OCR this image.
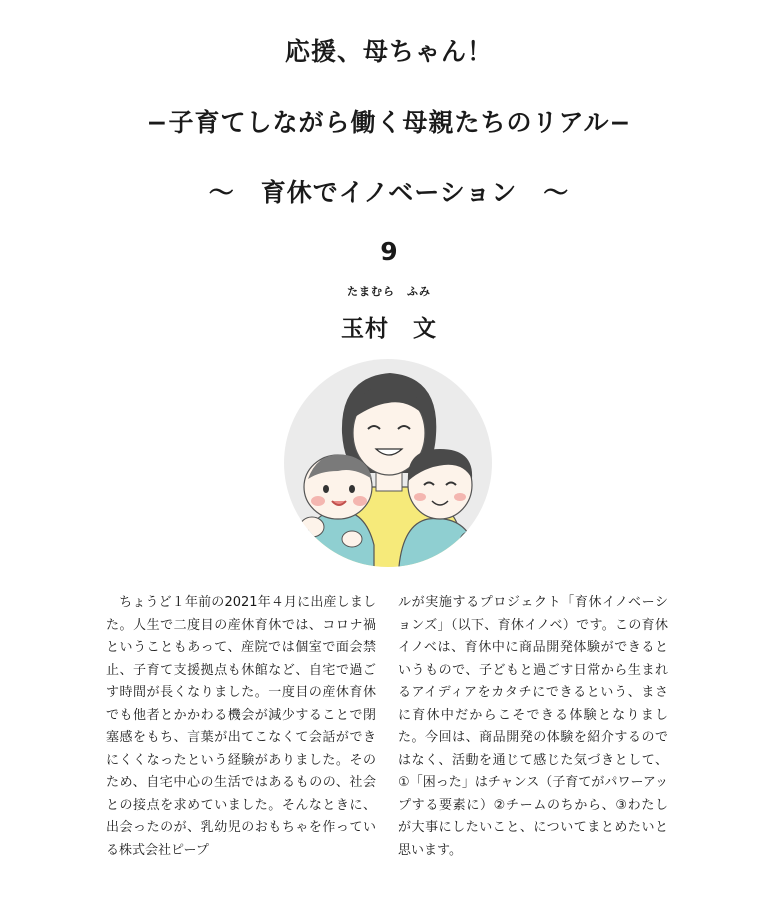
応援、母ちゃん！
−子育てしながら働く母親たちのリアル−
〜　育休でイノベーション　〜
9
たまむら　ふみ
玉村　文

　ちょうど１年前の2021年４月に出産しました。人生で二度目の産休育休では、コロナ禍ということもあって、産院では個室で面会禁止、子育て支援拠点も休館など、自宅で過ごす時間が長くなりました。一度目の産休育休でも他者とかかわる機会が減少することで閉塞感をもち、言葉が出てこなくて会話ができにくくなったという経験がありました。そのため、自宅中心の生活ではあるものの、社会との接点を求めていました。そんなときに、出会ったのが、乳幼児のおもちゃを作っている株式会社ピープ

ルが実施するプロジェクト「育休イノベーションズ」（以下、育休イノベ）です。この育休イノベは、育休中に商品開発体験ができるというもので、子どもと過ごす日常から生まれるアイディアをカタチにできるという、まさに育休中だからこそできる体験となりました。今回は、商品開発の体験を紹介するのではなく、活動を通じて感じた気づきとして、①「困った」はチャンス（子育てがパワーアップする要素に）②チームのちから、③わたしが大事にしたいこと、についてまとめたいと思います。
